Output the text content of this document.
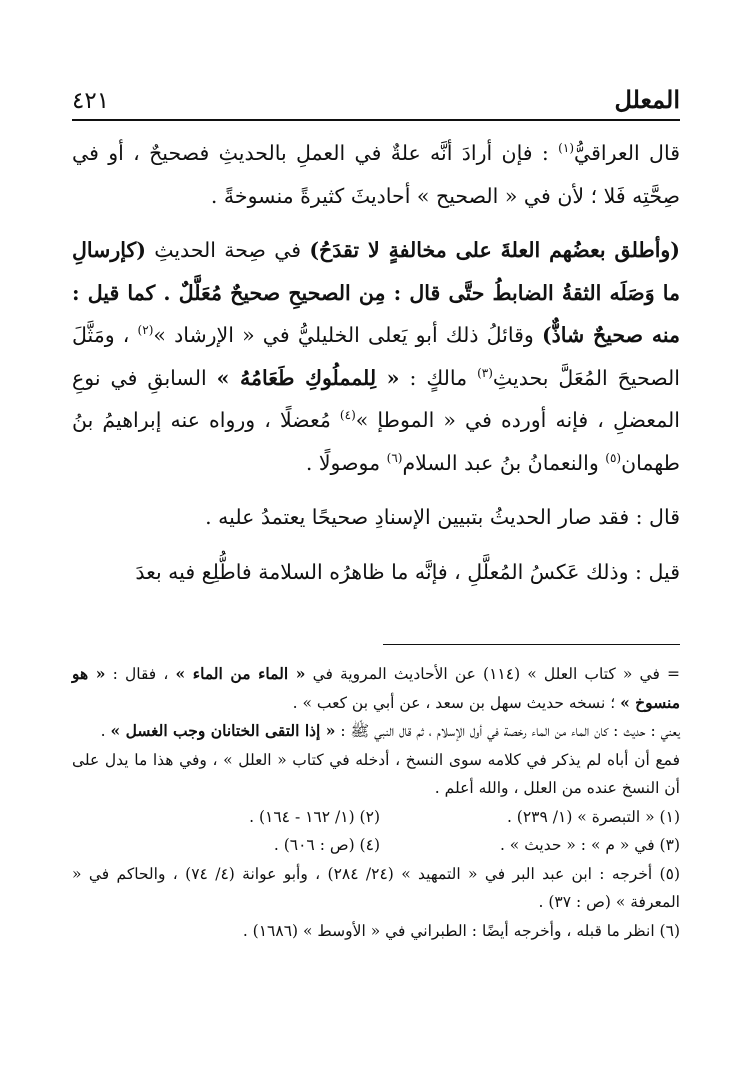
٤٢١	المعلل

قال العراقيُّ$^{(١)}$ : فإن أرادَ أنَّه علةٌ في العملِ بالحديثِ فصحيحٌ ، أو في صِحَّتِه فَلا ؛ لأن في « الصحيح » أحاديثَ كثيرةً منسوخةً .

(وأطلق بعضُهم العلةَ على مخالفةٍ لا تقدَحُ) في صِحة الحديثِ (كإرسالِ ما وَصَلَه الثقةُ الضابطُ حتَّى قال : مِن الصحيحِ صحيحٌ مُعَلَّلٌ . كما قيل : منه صحيحٌ شاذٌّ) وقائلُ ذلك أبو يَعلى الخليليُّ في « الإرشاد »$^{(٢)}$ ، ومَثَّلَ الصحيحَ المُعَلَّ بحديثِ$^{(٣)}$ مالكٍ : « لِلمملُوكِ طَعَامُهُ » السابقِ في نوعِ المعضلِ ، فإنه أورده في « الموطإ »$^{(٤)}$ مُعضلًا ، ورواه عنه إبراهيمُ بنُ طهمان$^{(٥)}$ والنعمانُ بنُ عبد السلام$^{(٦)}$ موصولًا .

قال : فقد صار الحديثُ بتبيين الإسنادِ صحيحًا يعتمدُ عليه .

قيل : وذلك عَكسُ المُعلَّلِ ، فإنَّه ما ظاهرُه السلامة فاطُّلِع فيه بعدَ

= في « كتاب العلل » (١١٤) عن الأحاديث المروية في « الماء من الماء » ، فقال : « هو منسوخ » ؛ نسخه حديث سهل بن سعد ، عن أبي بن كعب » .

يعني : حديث : كان الماء من الماء رخصة في أول الإسلام ، ثم قال النبي ﷺ : « إذا التقى الختانان وجب الغسل » .

فمع أن أباه لم يذكر في كلامه سوى النسخ ، أدخله في كتاب « العلل » ، وفي هذا ما يدل على أن النسخ عنده من العلل ، والله أعلم .

(١) « التبصرة » (١/ ٢٣٩) .
(٢) (١/ ١٦٢ - ١٦٤) .
(٣) في « م » : « حديث » .
(٤) (ص : ٦٠٦) .

(٥) أخرجه : ابن عبد البر في « التمهيد » (٢٤/ ٢٨٤) ، وأبو عوانة (٤/ ٧٤) ، والحاكم في « المعرفة » (ص : ٣٧) .

(٦) انظر ما قبله ، وأخرجه أيضًا : الطبراني في « الأوسط » (١٦٨٦) .
